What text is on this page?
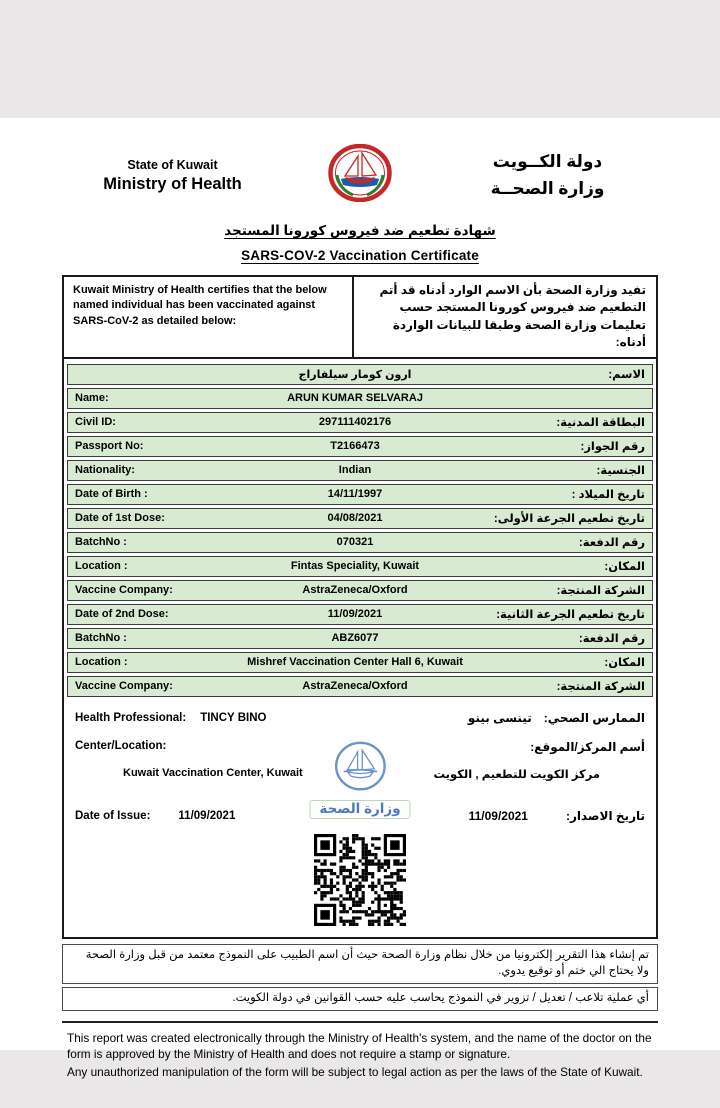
State of Kuwait
Ministry of Health
دولة الكــويت
وزارة الصحــة
شهادة تطعيم ضد فيروس كورونا المستجد
SARS-COV-2 Vaccination Certificate
Kuwait Ministry of Health certifies that the below named individual has been vaccinated against SARS-CoV-2 as detailed below:
تفيد وزارة الصحة بأن الاسم الوارد أدناه قد أتم التطعيم ضد فيروس كورونا المستجد حسب تعليمات وزارة الصحة وطبقا للبيانات الواردة أدناه:
ارون كومار سيلفاراج	الاسم:
Name:	ARUN KUMAR SELVARAJ
Civil ID:	297111402176	البطاقة المدنية:
Passport No:	T2166473	رقم الجواز:
Nationality:	Indian	الجنسية:
Date of Birth :	14/11/1997	تاريخ الميلاد :
Date of 1st Dose:	04/08/2021	تاريخ تطعيم الجرعة الأولى:
BatchNo :	070321	رقم الدفعة:
Location :	Fintas Speciality, Kuwait	المكان:
Vaccine Company:	AstraZeneca/Oxford	الشركة المنتجة:
Date of 2nd Dose:	11/09/2021	تاريخ تطعيم الجرعة الثانية:
BatchNo :	ABZ6077	رقم الدفعة:
Location :	Mishref Vaccination Center Hall 6, Kuwait	المكان:
Vaccine Company:	AstraZeneca/Oxford	الشركة المنتجة:
Health Professional: TINCY BINO	الممارس الصحي:
تينسى بينو
Center/Location:	أسم المركز/الموقع:
Kuwait Vaccination Center, Kuwait	مركز الكويت للتطعيم , الكويت
وزارة الصحة
Date of Issue: 11/09/2021	تاريخ الاصدار:
11/09/2021
تم إنشاء هذا التقرير إلكترونيا من خلال نظام وزارة الصحة حيث أن اسم الطبيب على النموذج معتمد من قبل وزارة الصحة ولا يحتاج الي ختم أو توقيع يدوي.
أي عملية تلاعب / تعديل / تزوير في النموذج يحاسب عليه حسب القوانين في دولة الكويت.

This report was created electronically through the Ministry of Health's system, and the name of the doctor on the form is approved by the Ministry of Health and does not require a stamp or signature.

Any unauthorized manipulation of the form will be subject to legal action as per the laws of the State of Kuwait.
